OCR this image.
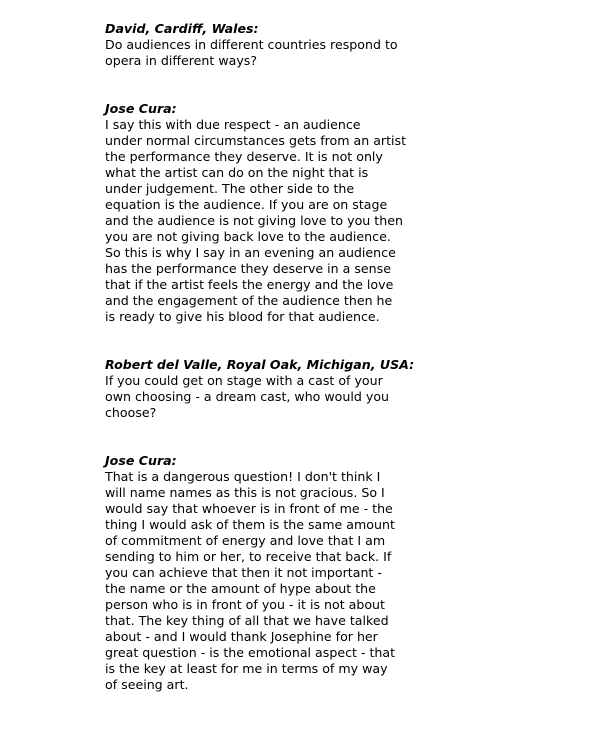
David, Cardiff, Wales:

Do audiences in different countries respond to

opera in different ways?

Jose Cura:

I say this with due respect - an audience

under normal circumstances gets from an artist

the performance they deserve. It is not only

what the artist can do on the night that is

under judgement. The other side to the

equation is the audience. If you are on stage

and the audience is not giving love to you then

you are not giving back love to the audience.

So this is why I say in an evening an audience

has the performance they deserve in a sense

that if the artist feels the energy and the love

and the engagement of the audience then he

is ready to give his blood for that audience.

Robert del Valle, Royal Oak, Michigan, USA:

If you could get on stage with a cast of your

own choosing - a dream cast, who would you

choose?

Jose Cura:

That is a dangerous question! I don't think I

will name names as this is not gracious. So I

would say that whoever is in front of me - the

thing I would ask of them is the same amount

of commitment of energy and love that I am

sending to him or her, to receive that back. If

you can achieve that then it not important -

the name or the amount of hype about the

person who is in front of you - it is not about

that. The key thing of all that we have talked

about - and I would thank Josephine for her

great question - is the emotional aspect - that

is the key at least for me in terms of my way

of seeing art.
